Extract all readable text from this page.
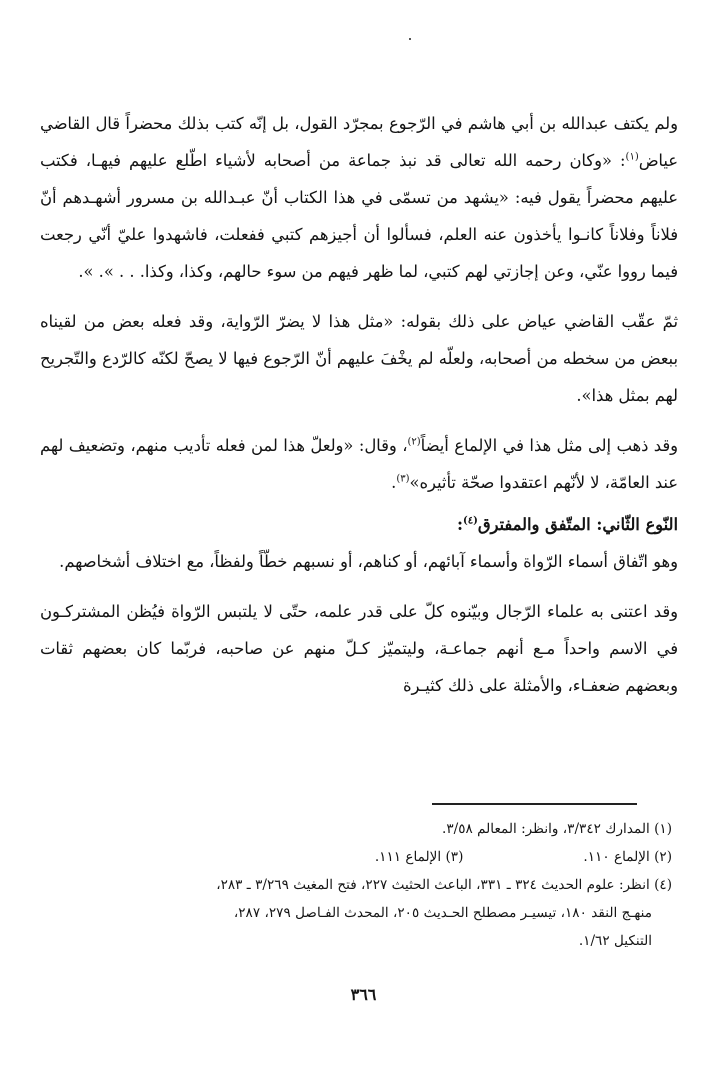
ولم يكتف عبدالله بن أبي هاشم في الرّجوع بمجرّد القول، بل إنّه كتب بذلك محضراً قال القاضي عياض$^{(١)}$: «وكان رحمه الله تعالى قد نبذ جماعة من أصحابه لأشياء اطّلع عليهم فيهـا، فكتب عليهم محضراً يقول فيه: «يشهد من تسمّى في هذا الكتاب أنّ عبـدالله بن مسرور أشهـدهم أنّ فلاناً وفلاناً كانـوا يأخذون عنه العلم، فسألوا أن أجيزهم كتبي ففعلت، فاشهدوا عليّ أنّي رجعت فيما رووا عنّي، وعن إجازتي لهم كتبي، لما ظهر فيهم من سوء حالهم، وكذا، وكذا. . . ». ».

ثمّ عقّب القاضي عياض على ذلك بقوله: «مثل هذا لا يضرّ الرّواية، وقد فعله بعض من لقيناه ببعض من سخطه من أصحابه، ولعلّه لم يخْفَ عليهم أنّ الرّجوع فيها لا يصحّ لكنّه كالرّدع والتّجريح لهم بمثل هذا».

وقد ذهب إلى مثل هذا في الإلماع أيضاً$^{(٢)}$، وقال: «ولعلّ هذا لمن فعله تأديب منهم، وتضعيف لهم عند العامّة، لا لأنّهم اعتقدوا صحّة تأثيره»$^{(٣)}$.

النّوع الثّاني: المتّفق والمفترق$^{(٤)}$:

وهو اتّفاق أسماء الرّواة وأسماء آبائهم، أو كناهم، أو نسبهم خطّاً ولفظاً، مع اختلاف أشخاصهم.

وقد اعتنى به علماء الرّجال وبيّنوه كلّ على قدر علمه، حتّى لا يلتبس الرّواة فيُظن المشتركـون في الاسم واحداً مـع أنهم جماعـة، وليتميّز كـلّ منهم عن صاحبه، فربّما كان بعضهم ثقات وبعضهم ضعفـاء، والأمثلة على ذلك كثيـرة

(١) المدارك ٣/٣٤٢، وانظر: المعالم ٣/٥٨.
(٢) الإلماع ١١٠.
(٣) الإلماع ١١١.
(٤) انظر: علوم الحديث ٣٢٤ ـ ٣٣١، الباعث الحثيث ٢٢٧، فتح المغيث ٣/٢٦٩ ـ ٢٨٣،
منهـج النقد ١٨٠، تيسيـر مصطلح الحـديث ٢٠٥، المحدث الفـاصل ٢٧٩، ٢٨٧،
التنكيل ١/٦٢.
٣٦٦
